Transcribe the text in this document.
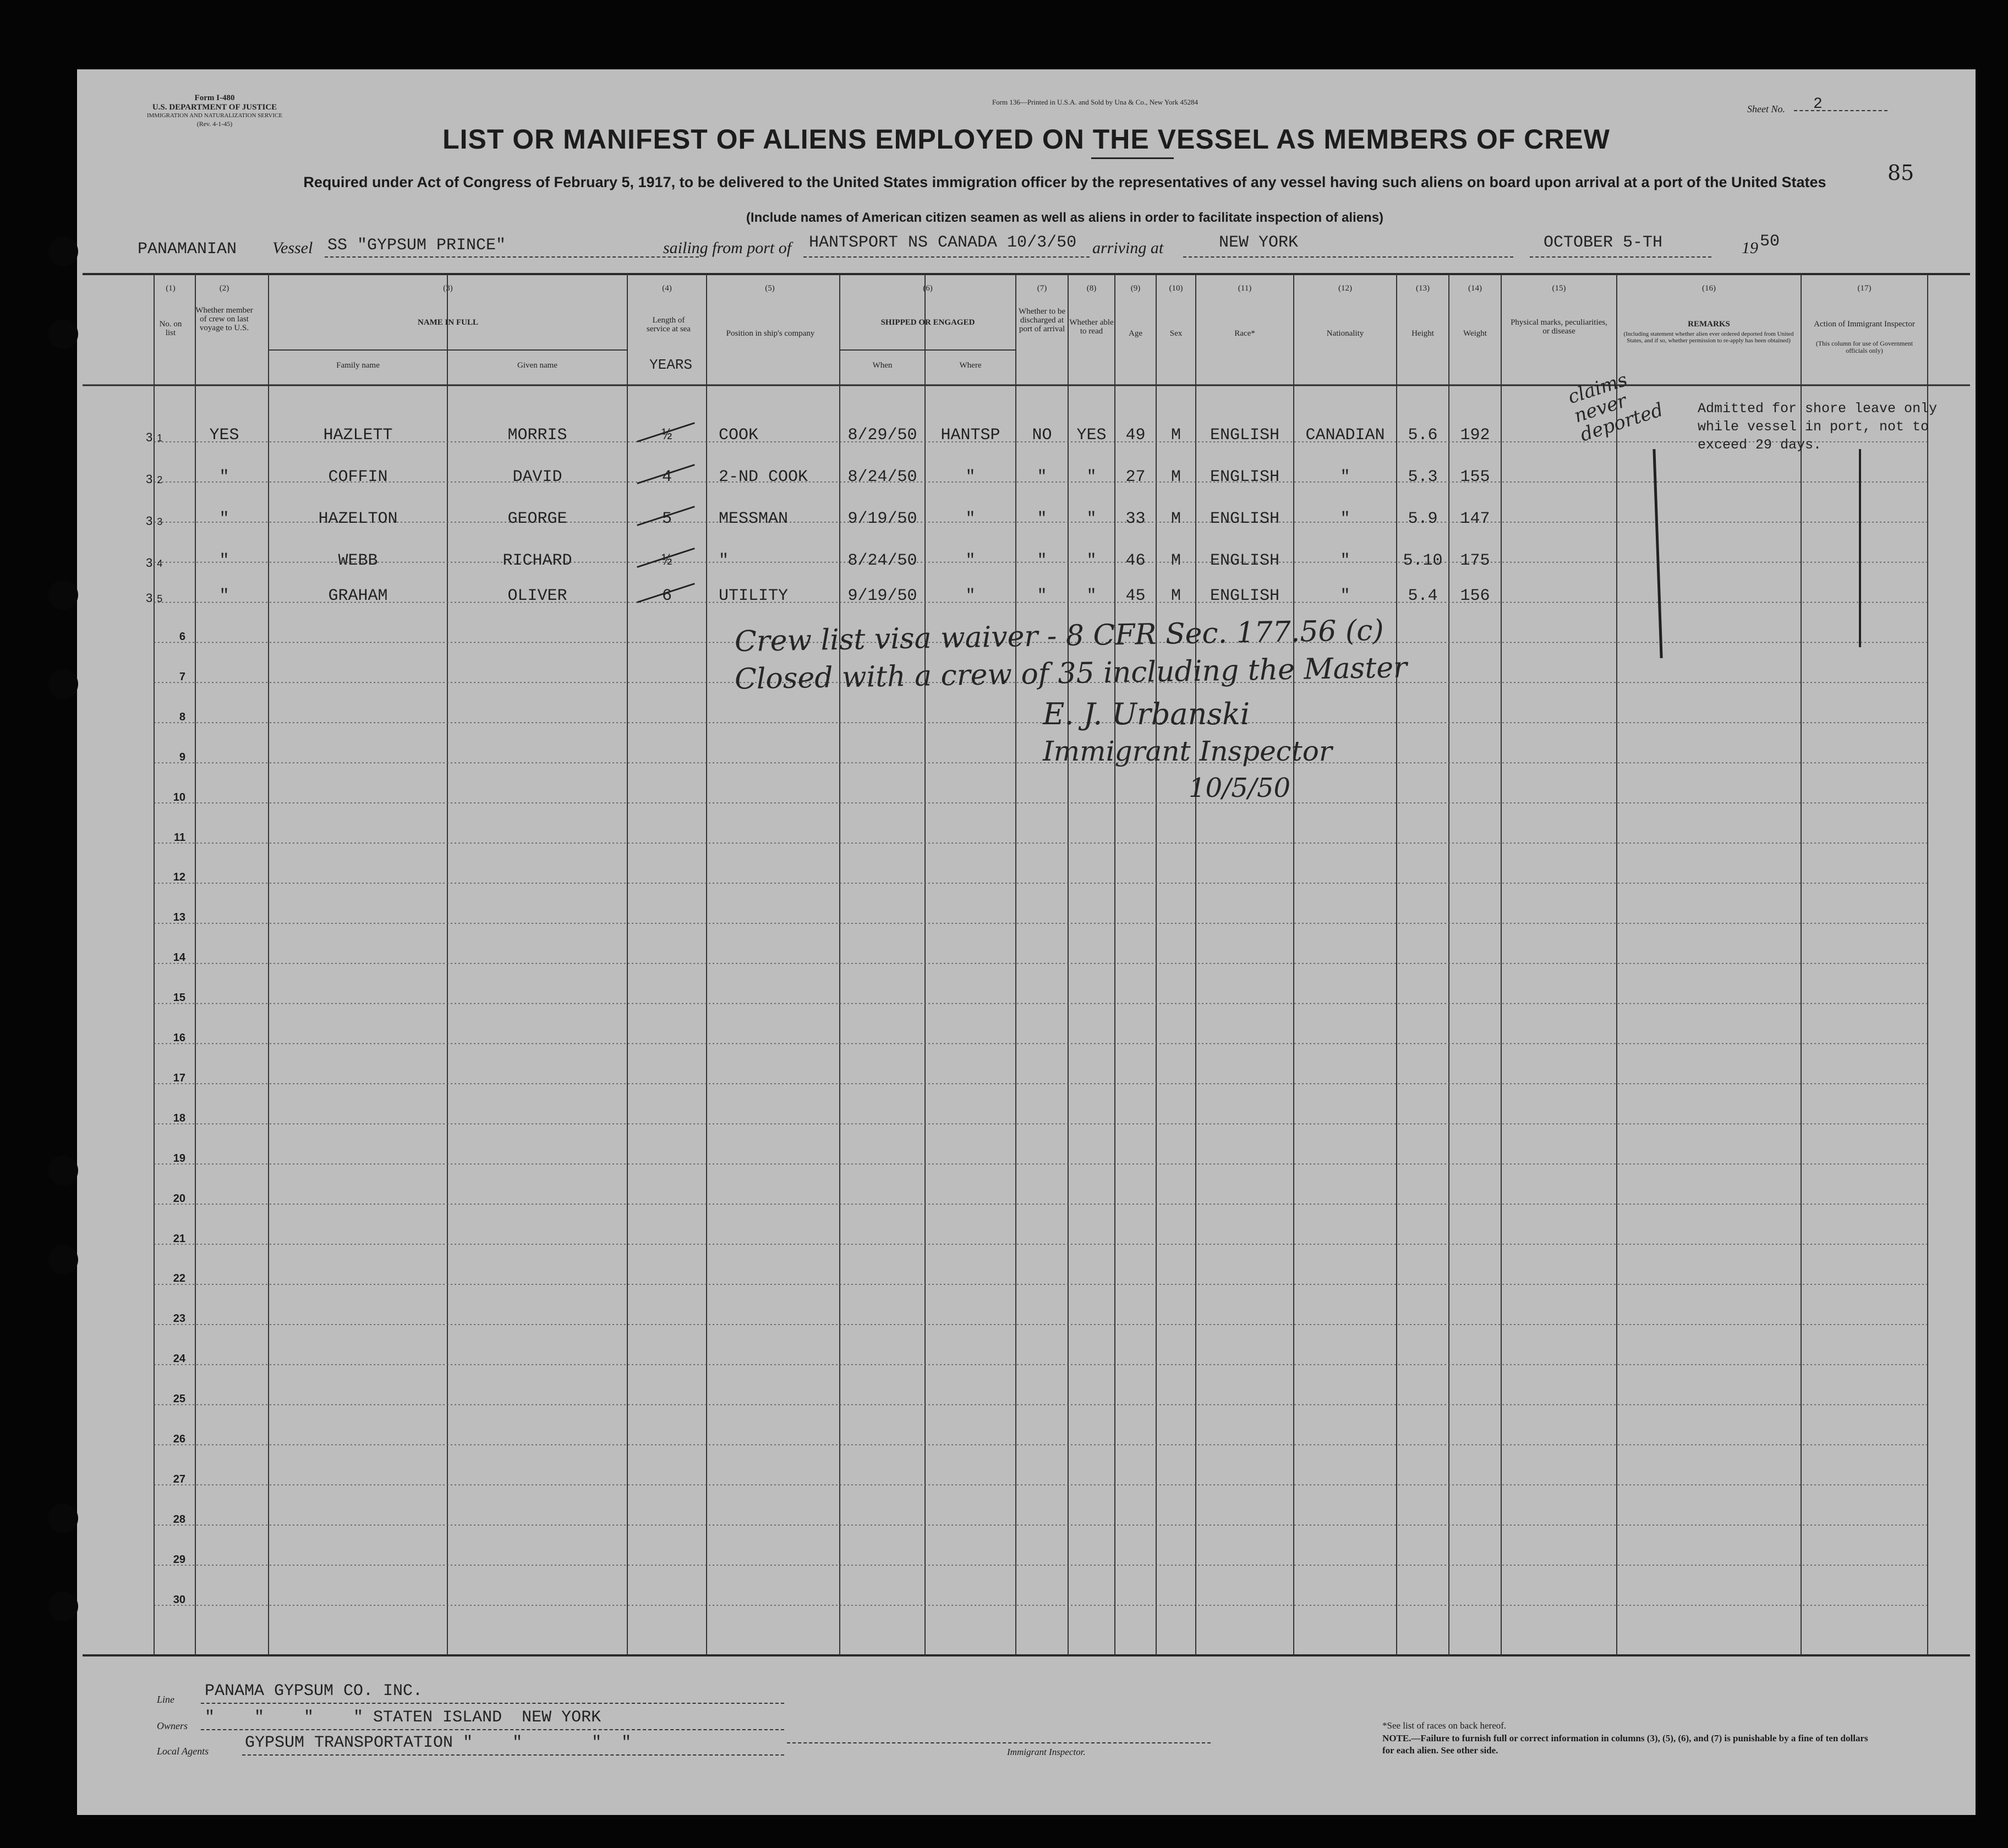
Form I-480
U.S. DEPARTMENT OF JUSTICE
IMMIGRATION AND NATURALIZATION SERVICE
(Rev. 4-1-45)
Form 136—Printed in U.S.A. and Sold by Una & Co., New York 45284
Sheet No. 2
85
LIST OR MANIFEST OF ALIENS EMPLOYED ON THE VESSEL AS MEMBERS OF CREW
Required under Act of Congress of February 5, 1917, to be delivered to the United States immigration officer by the representatives of any vessel having such aliens on board upon arrival at a port of the United States
(Include names of American citizen seamen as well as aliens in order to facilitate inspection of aliens)
PANAMANIAN Vessel SS "GYPSUM PRINCE"	sailing from port of HANTSPORT NS CANADA 10/3/50 arriving at	NEW YORK	OCTOBER 5-TH	19 50
(1)
No. on list
(2)
Whether member of crew on last voyage to U.S.
(3)
NAME IN FULL
Family name	Given name
(4)
Length of service at sea
YEARS
(5)
Position in ship's company
(6)
SHIPPED OR ENGAGED
When	Where
(7)
Whether to be discharged at port of arrival
(8)
Whether able to read
(9)
Age
(10)
Sex
(11)
Race*
(12)
Nationality
(13)
Height
(14)
Weight
(15)
Physical marks, peculiarities, or disease
(16)
REMARKS
(Including statement whether alien ever ordered deported from United States, and if so, whether permission to re-apply has been obtained)
(17)
Action of Immigrant Inspector
(This column for use of Government officials only)
3 1	YES	HAZLETT	MORRIS	½	COOK	8/29/50	HANTSP	NO	YES	49	M	ENGLISH	CANADIAN	5.6	192
3 2	"	COFFIN	DAVID	4	2-ND COOK	8/24/50	"	"	"	27	M	ENGLISH	"	5.3	155
3 3	"	HAZELTON	GEORGE	5	MESSMAN	9/19/50	"	"	"	33	M	ENGLISH	"	5.9	147
3 4	"	WEBB	RICHARD	½	"	8/24/50	"	"	"	46	M	ENGLISH	"	5.10	175
3 5	"	GRAHAM	OLIVER	6	UTILITY	9/19/50	"	"	"	45	M	ENGLISH	"	5.4	156
6
7
8
9
10
11
12
13
14
15
16
17
18
19
20
21
22
23
24
25
26
27
28
29
30
claims never deported Admitted for shore leave only while vessel in port, not to exceed 29 days.
Crew list visa waiver - 8 CFR Sec. 177.56 (c)
Closed with a crew of 35 including the Master
E. J. Urbanski
Immigrant Inspector
10/5/50
Line PANAMA GYPSUM CO. INC.
Owners "    "    "    " STATEN ISLAND  NEW YORK
Local Agents GYPSUM TRANSPORTATION "    "       "  "	Immigrant Inspector.
*See list of races on back hereof.
NOTE.—Failure to furnish full or correct information in columns (3), (5), (6), and (7) is punishable by a fine of ten dollars for each alien. See other side.
